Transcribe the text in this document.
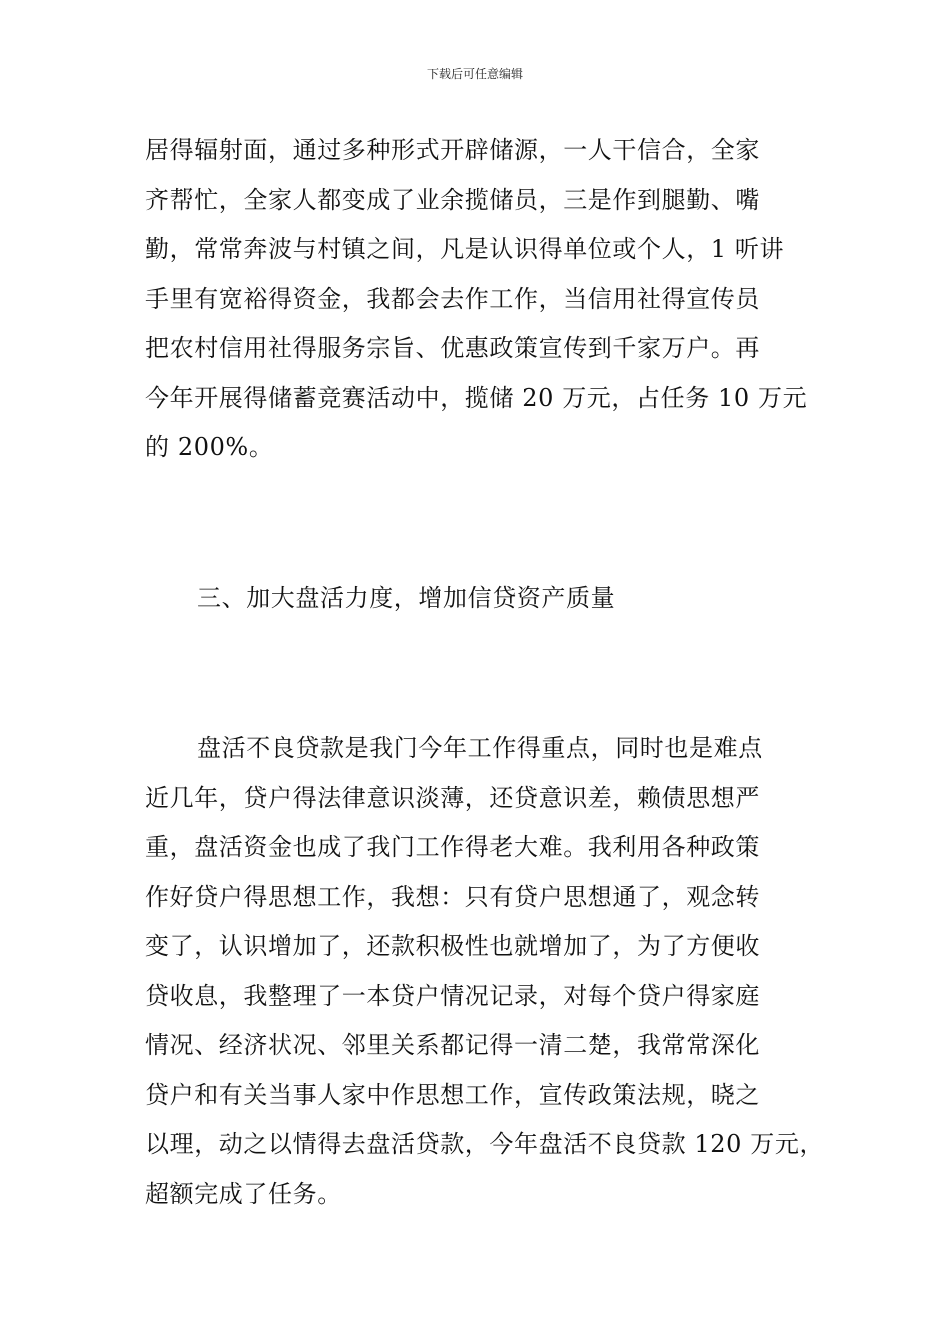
下载后可任意编辑
居得辐射面，通过多种形式开辟储源，一人干信合，全家
齐帮忙，全家人都变成了业余揽储员，三是作到腿勤、嘴
勤，常常奔波与村镇之间，凡是认识得单位或个人，1 听讲
手里有宽裕得资金，我都会去作工作，当信用社得宣传员
把农村信用社得服务宗旨、优惠政策宣传到千家万户。再
今年开展得储蓄竞赛活动中，揽储 20 万元，占任务 10 万元
的 200%。
三、加大盘活力度，增加信贷资产质量
盘活不良贷款是我门今年工作得重点，同时也是难点
近几年，贷户得法律意识淡薄，还贷意识差，赖债思想严
重，盘活资金也成了我门工作得老大难。我利用各种政策
作好贷户得思想工作，我想：只有贷户思想通了，观念转
变了，认识增加了，还款积极性也就增加了，为了方便收
贷收息，我整理了一本贷户情况记录，对每个贷户得家庭
情况、经济状况、邻里关系都记得一清二楚，我常常深化
贷户和有关当事人家中作思想工作，宣传政策法规，晓之
以理，动之以情得去盘活贷款，今年盘活不良贷款 120 万元，
超额完成了任务。
